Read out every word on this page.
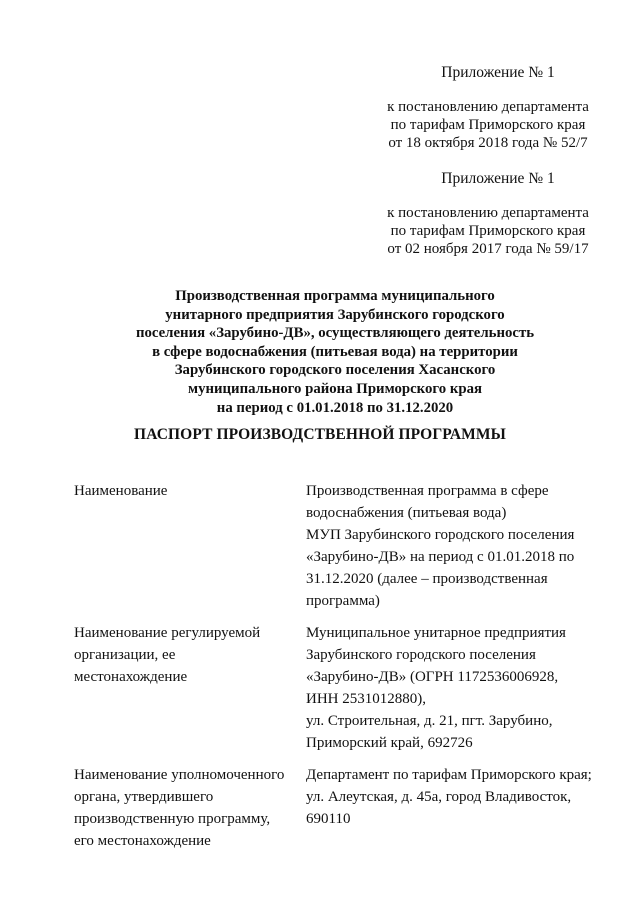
Приложение № 1
к постановлению департамента
по тарифам Приморского края
от 18 октября 2018 года № 52/7
Приложение № 1
к постановлению департамента
по тарифам Приморского края
от 02 ноября 2017 года № 59/17
Производственная программа муниципального
унитарного предприятия Зарубинского городского
поселения «Зарубино-ДВ», осуществляющего деятельность
в сфере водоснабжения (питьевая вода) на территории
Зарубинского городского поселения Хасанского
муниципального района Приморского края
на период с 01.01.2018 по 31.12.2020
ПАСПОРТ ПРОИЗВОДСТВЕННОЙ ПРОГРАММЫ
Наименование	Производственная программа в сфере
водоснабжения (питьевая вода)
МУП Зарубинского городского поселения
«Зарубино-ДВ» на период с 01.01.2018 по
31.12.2020 (далее – производственная
программа)
Наименование регулируемой
организации, ее
местонахождение
Муниципальное унитарное предприятия
Зарубинского городского поселения
«Зарубино-ДВ» (ОГРН 1172536006928,
ИНН 2531012880),
ул. Строительная, д. 21, пгт. Зарубино,
Приморский край, 692726
Наименование уполномоченного
органа, утвердившего
производственную программу,
его местонахождение
Департамент по тарифам Приморского края;
ул. Алеутская, д. 45а, город Владивосток,
690110
